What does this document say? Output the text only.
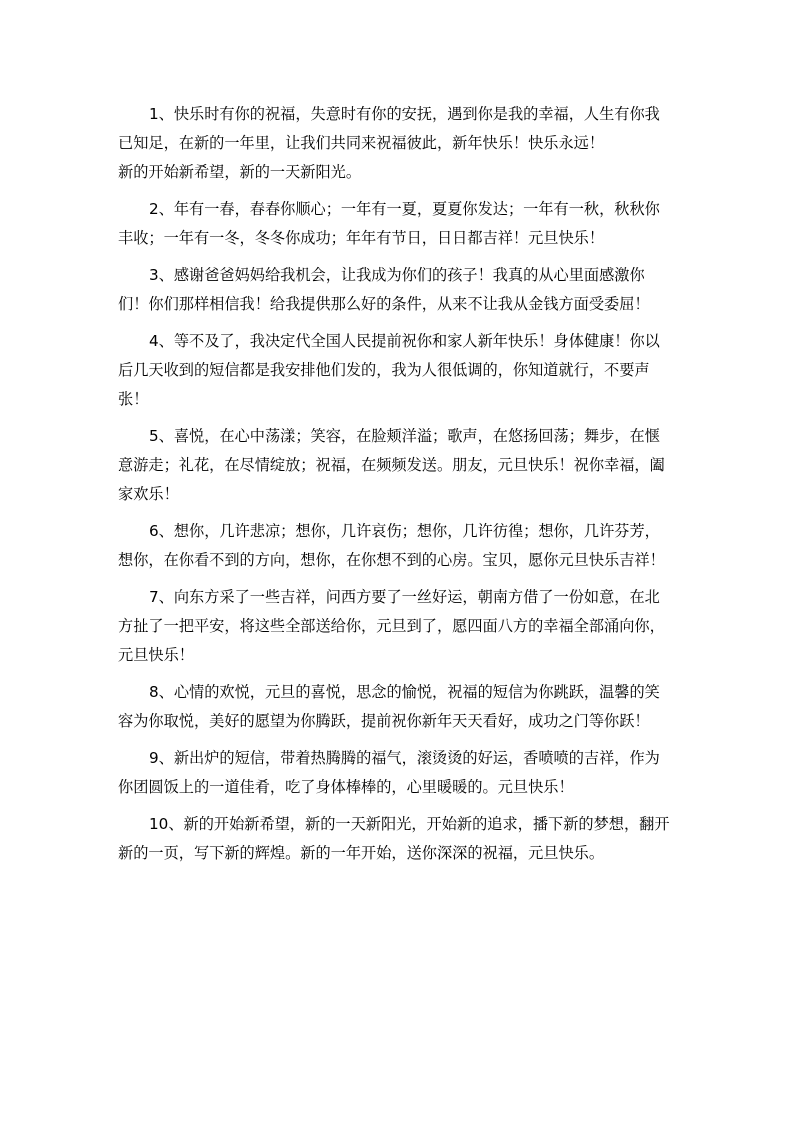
1、快乐时有你的祝福，失意时有你的安抚，遇到你是我的幸福，人生有你我已知足，在新的一年里，让我们共同来祝福彼此，新年快乐！快乐永远！

新的开始新希望，新的一天新阳光。

2、年有一春，春春你顺心；一年有一夏，夏夏你发达；一年有一秋，秋秋你丰收；一年有一冬，冬冬你成功；年年有节日，日日都吉祥！元旦快乐！

3、感谢爸爸妈妈给我机会，让我成为你们的孩子！我真的从心里面感激你们！你们那样相信我！给我提供那么好的条件，从来不让我从金钱方面受委屈！

4、等不及了，我决定代全国人民提前祝你和家人新年快乐！身体健康！你以后几天收到的短信都是我安排他们发的，我为人很低调的，你知道就行，不要声张！

5、喜悦，在心中荡漾；笑容，在脸颊洋溢；歌声，在悠扬回荡；舞步，在惬意游走；礼花，在尽情绽放；祝福，在频频发送。朋友，元旦快乐！祝你幸福，阖家欢乐！

6、想你，几许悲凉；想你，几许哀伤；想你，几许彷徨；想你，几许芬芳，想你，在你看不到的方向，想你，在你想不到的心房。宝贝，愿你元旦快乐吉祥！

7、向东方采了一些吉祥，问西方要了一丝好运，朝南方借了一份如意，在北方扯了一把平安，将这些全部送给你，元旦到了，愿四面八方的幸福全部涌向你，元旦快乐！

8、心情的欢悦，元旦的喜悦，思念的愉悦，祝福的短信为你跳跃，温馨的笑容为你取悦，美好的愿望为你腾跃，提前祝你新年天天看好，成功之门等你跃！

9、新出炉的短信，带着热腾腾的福气，滚烫烫的好运，香喷喷的吉祥，作为你团圆饭上的一道佳肴，吃了身体棒棒的，心里暖暖的。元旦快乐！

10、新的开始新希望，新的一天新阳光，开始新的追求，播下新的梦想，翻开新的一页，写下新的辉煌。新的一年开始，送你深深的祝福，元旦快乐。
